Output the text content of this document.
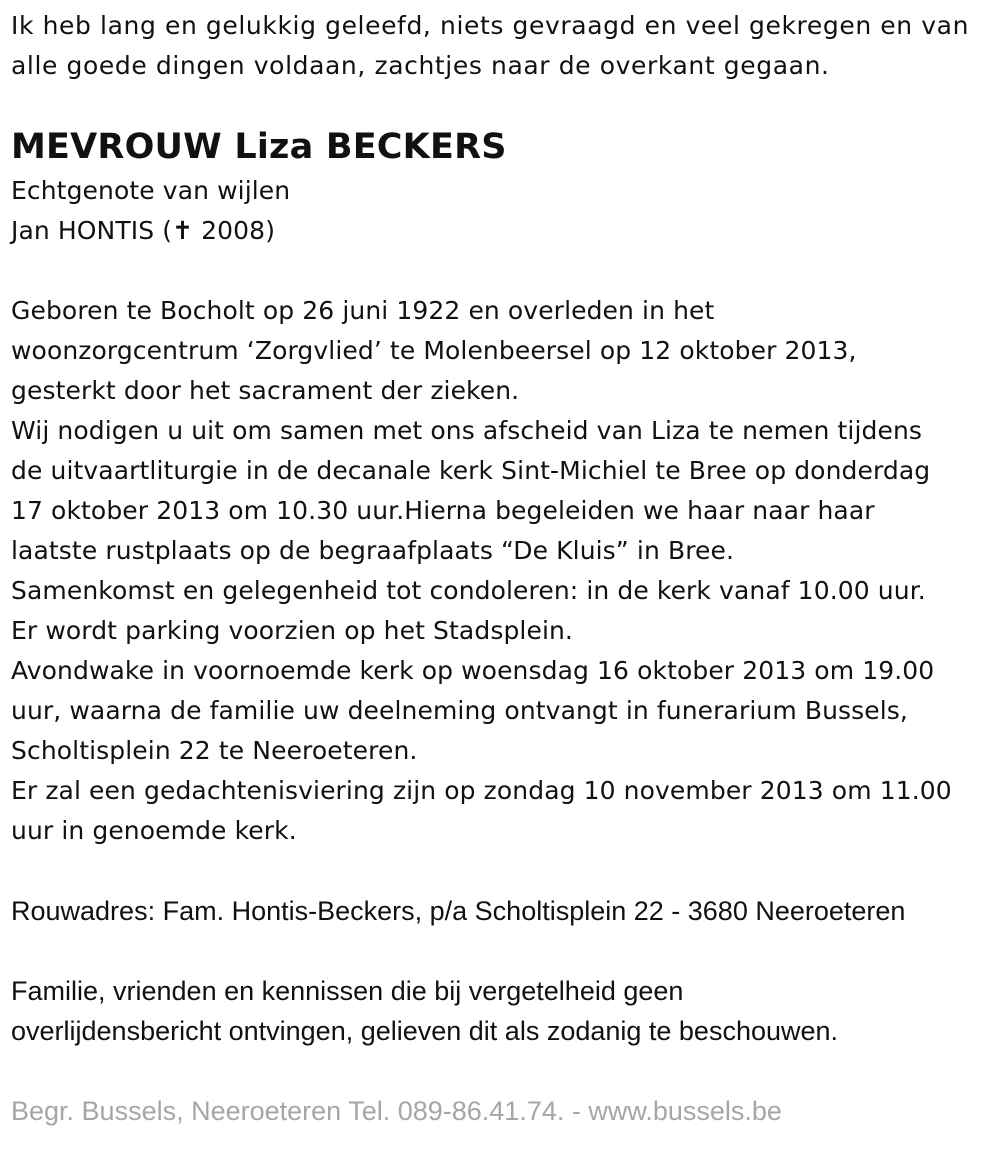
Ik heb lang en gelukkig geleefd, niets gevraagd en veel gekregen en van
alle goede dingen voldaan, zachtjes naar de overkant gegaan.
MEVROUW Liza BECKERS
Echtgenote van wijlen
Jan HONTIS (✝ 2008)
Geboren te Bocholt op 26 juni 1922 en overleden in het
woonzorgcentrum ‘Zorgvlied’ te Molenbeersel op 12 oktober 2013,
gesterkt door het sacrament der zieken.
Wij nodigen u uit om samen met ons afscheid van Liza te nemen tijdens
de uitvaartliturgie in de decanale kerk Sint-Michiel te Bree op donderdag
17 oktober 2013 om 10.30 uur.Hierna begeleiden we haar naar haar
laatste rustplaats op de begraafplaats “De Kluis” in Bree.
Samenkomst en gelegenheid tot condoleren: in de kerk vanaf 10.00 uur.
Er wordt parking voorzien op het Stadsplein.
Avondwake in voornoemde kerk op woensdag 16 oktober 2013 om 19.00
uur, waarna de familie uw deelneming ontvangt in funerarium Bussels,
Scholtisplein 22 te Neeroeteren.
Er zal een gedachtenisviering zijn op zondag 10 november 2013 om 11.00
uur in genoemde kerk.
Rouwadres: Fam. Hontis-Beckers, p/a Scholtisplein 22 - 3680 Neeroeteren
Familie, vrienden en kennissen die bij vergetelheid geen
overlijdensbericht ontvingen, gelieven dit als zodanig te beschouwen.
Begr. Bussels, Neeroeteren Tel. 089-86.41.74. - www.bussels.be
